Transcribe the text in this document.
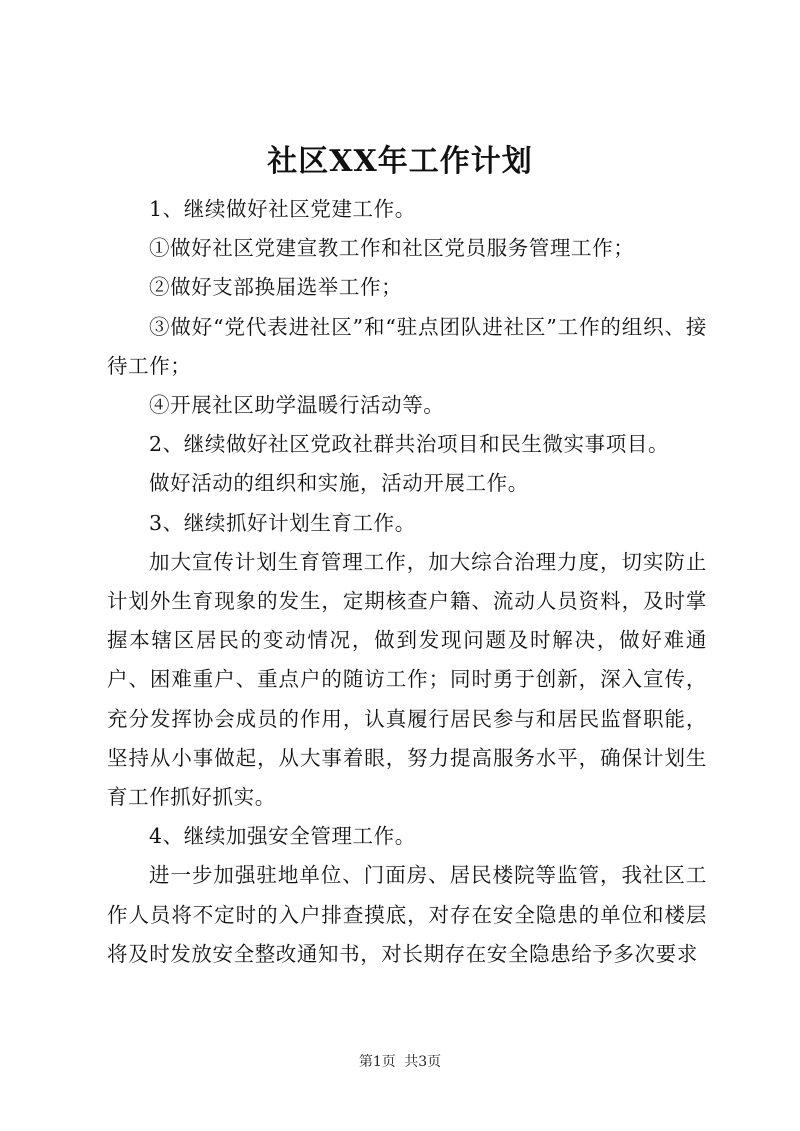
社区XX年工作计划

1、继续做好社区党建工作。

①做好社区党建宣教工作和社区党员服务管理工作；

②做好支部换届选举工作；

③做好“党代表进社区”和“驻点团队进社区”工作的组织、接待工作；

④开展社区助学温暖行活动等。

2、继续做好社区党政社群共治项目和民生微实事项目。

做好活动的组织和实施，活动开展工作。

3、继续抓好计划生育工作。

加大宣传计划生育管理工作，加大综合治理力度，切实防止计划外生育现象的发生，定期核查户籍、流动人员资料，及时掌握本辖区居民的变动情况，做到发现问题及时解决，做好难通户、困难重户、重点户的随访工作；同时勇于创新，深入宣传，充分发挥协会成员的作用，认真履行居民参与和居民监督职能，坚持从小事做起，从大事着眼，努力提高服务水平，确保计划生育工作抓好抓实。

4、继续加强安全管理工作。

进一步加强驻地单位、门面房、居民楼院等监管，我社区工作人员将不定时的入户排查摸底，对存在安全隐患的单位和楼层将及时发放安全整改通知书，对长期存在安全隐患给予多次要求

第1页 共3页
